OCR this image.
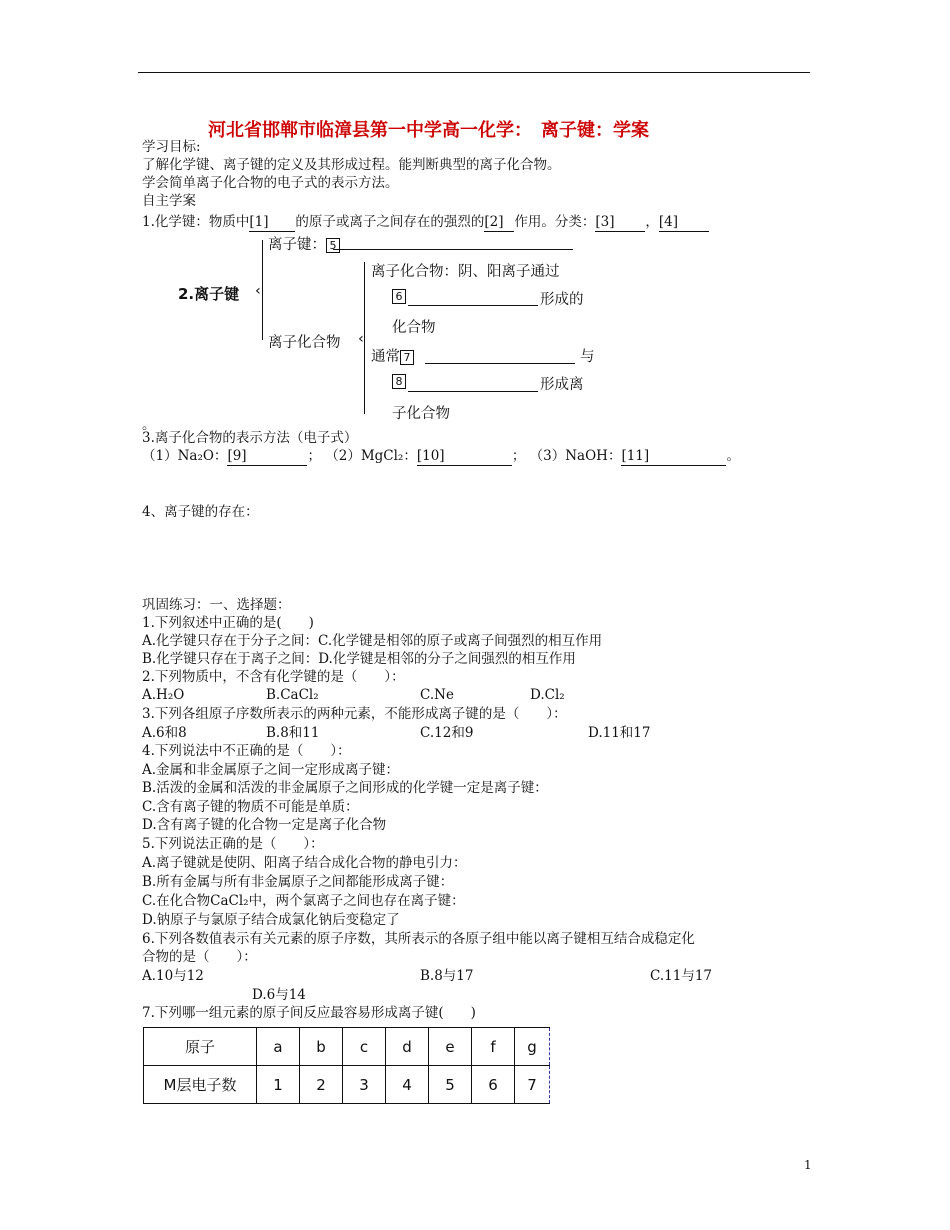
河北省邯郸市临漳县第一中学高一化学：　离子键：学案
学习目标:
了解化学键、离子键的定义及其形成过程。能判断典型的离子化合物。
学会简单离子化合物的电子式的表示方法。
自主学案
1.化学键：物质中[1] 的原子或离子之间存在的强烈的[2] 作用。分类：[3] ，[4]
2.离子键 ‹
离子键： 5
离子化合物 ‹
离子化合物：阴、阳离子通过
6	形成的
化合物
通常 7	与
8	形成离
子化合物
。
3.离子化合物的表示方法（电子式）
（1）Na₂O：[9]	； （2）MgCl₂：[10]	； （3）NaOH：[11]	。
4、离子键的存在：
巩固练习：一、选择题：
1.下列叙述中正确的是(　　)
A.化学键只存在于分子之间：C.化学键是相邻的原子或离子间强烈的相互作用
B.化学键只存在于离子之间：D.化学键是相邻的分子之间强烈的相互作用
2.下列物质中，不含有化学键的是（　　）：
A.H₂O	B.CaCl₂	C.Ne	D.Cl₂
3.下列各组原子序数所表示的两种元素，不能形成离子键的是（　　）：
A.6和8	B.8和11	C.12和9	D.11和17
4.下列说法中不正确的是（　　）：
A.金属和非金属原子之间一定形成离子键：
B.活泼的金属和活泼的非金属原子之间形成的化学键一定是离子键：
C.含有离子键的物质不可能是单质：
D.含有离子键的化合物一定是离子化合物
5.下列说法正确的是（　　）：
A.离子键就是使阴、阳离子结合成化合物的静电引力：
B.所有金属与所有非金属原子之间都能形成离子键：
C.在化合物CaCl₂中，两个氯离子之间也存在离子键：
D.钠原子与氯原子结合成氯化钠后变稳定了
6.下列各数值表示有关元素的原子序数，其所表示的各原子组中能以离子键相互结合成稳定化
合物的是（　　）：
A.10与12	B.8与17	C.11与17
D.6与14
7.下列哪一组元素的原子间反应最容易形成离子键(　　)
原子	a	b	c	d	e	f	g
M层电子数	1	2	3	4	5	6	7
1
